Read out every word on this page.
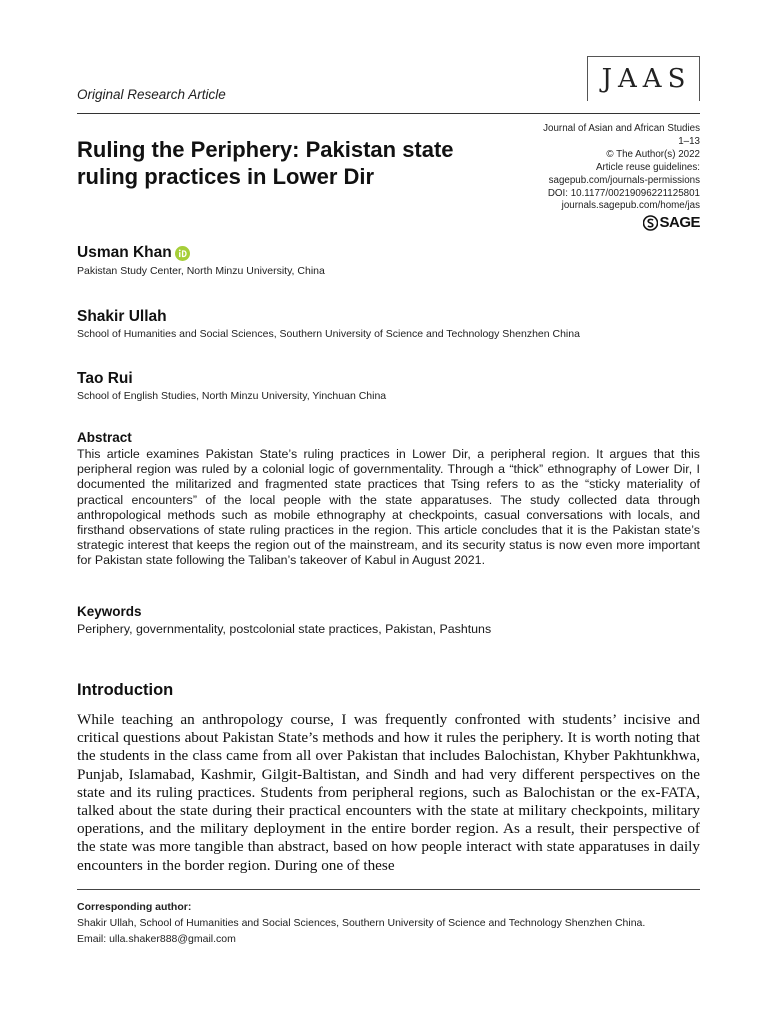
Original Research Article
JAAS
Journal of Asian and African Studies
1–13
© The Author(s) 2022
Article reuse guidelines:
sagepub.com/journals-permissions
DOI: 10.1177/00219096221125801
journals.sagepub.com/home/jas
SAGE
Ruling the Periphery: Pakistan state
ruling practices in Lower Dir
Usman Khan
Pakistan Study Center, North Minzu University, China
Shakir Ullah
School of Humanities and Social Sciences, Southern University of Science and Technology Shenzhen China
Tao Rui
School of English Studies, North Minzu University, Yinchuan China
Abstract
This article examines Pakistan State’s ruling practices in Lower Dir, a peripheral region. It argues that this peripheral region was ruled by a colonial logic of governmentality. Through a “thick” ethnography of Lower Dir, I documented the militarized and fragmented state practices that Tsing refers to as the “sticky materiality of practical encounters” of the local people with the state apparatuses. The study collected data through anthropological methods such as mobile ethnography at checkpoints, casual conversations with locals, and firsthand observations of state ruling practices in the region. This article concludes that it is the Pakistan state’s strategic interest that keeps the region out of the mainstream, and its security status is now even more important for Pakistan state following the Taliban’s takeover of Kabul in August 2021.
Keywords
Periphery, governmentality, postcolonial state practices, Pakistan, Pashtuns
Introduction
While teaching an anthropology course, I was frequently confronted with students’ incisive and critical questions about Pakistan State’s methods and how it rules the periphery. It is worth noting that the students in the class came from all over Pakistan that includes Balochistan, Khyber Pakhtunkhwa, Punjab, Islamabad, Kashmir, Gilgit-Baltistan, and Sindh and had very different perspectives on the state and its ruling practices. Students from peripheral regions, such as Balochistan or the ex-FATA, talked about the state during their practical encounters with the state at military checkpoints, military operations, and the military deployment in the entire border region. As a result, their perspective of the state was more tangible than abstract, based on how people interact with state apparatuses in daily encounters in the border region. During one of these
Corresponding author:
Shakir Ullah, School of Humanities and Social Sciences, Southern University of Science and Technology Shenzhen China.
Email: ulla.shaker888@gmail.com
